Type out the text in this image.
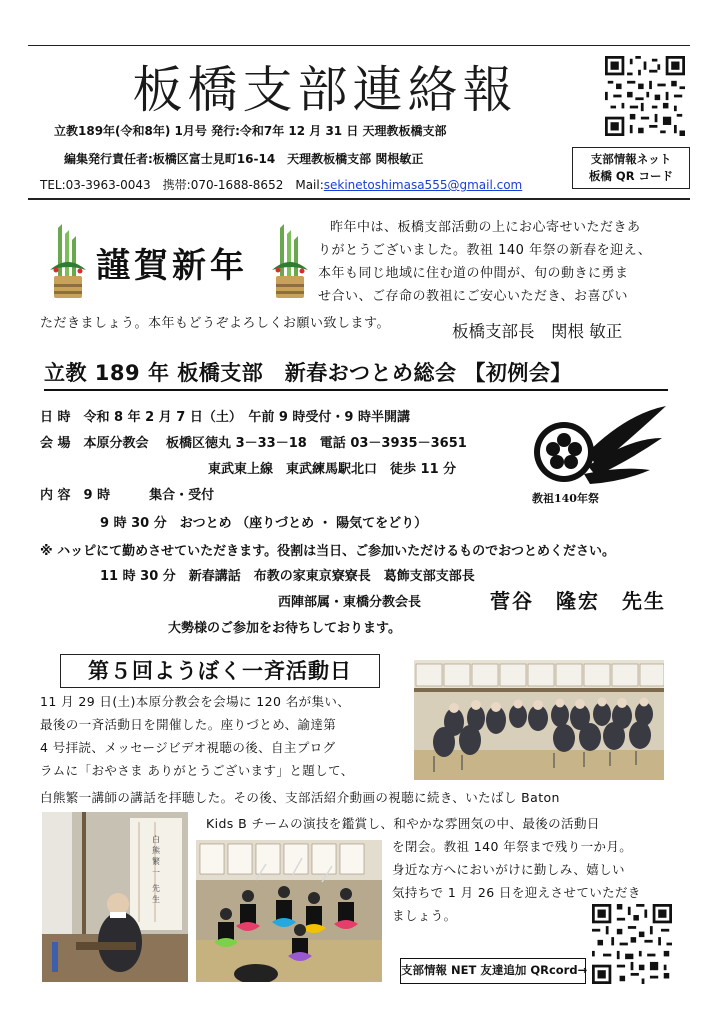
板橋支部連絡報
立教189年(令和8年) 1月号 発行:令和7年 12 月 31 日 天理教板橋支部
編集発行責任者:板橋区富士見町16-14　天理教板橋支部 関根敏正
TEL:03-3963-0043　携帯:070-1688-8652　Mail:sekinetoshimasa555@gmail.com
支部情報ネット
板橋 QR コード
謹賀新年
昨年中は、板橋支部活動の上にお心寄せいただきあ
りがとうございました。教祖 140 年祭の新春を迎え、
本年も同じ地域に住む道の仲間が、旬の動きに勇ま
せ合い、ご存命の教祖にご安心いただき、お喜びい
ただきましょう。本年もどうぞよろしくお願い致します。	板橋支部長　関根 敏正
立教 189 年 板橋支部　新春おつとめ総会 【初例会】
日 時　令和 8 年 2 月 7 日（土）　午前 9 時受付・9 時半開講
会 場　本原分教会　 板橋区徳丸 3－33－18　電話 03－3935－3651
東武東上線　東武練馬駅北口　徒歩 11 分
内 容　9 時　　　集合・受付
9 時 30 分　おつとめ （座りづとめ ・ 陽気てをどり）
※ ハッピにて勤めさせていただきます。役割は当日、ご参加いただけるものでおつとめください。
11 時 30 分　新春講話　布教の家東京寮寮長　葛飾支部支部長
西陣部属・東橋分教会長	菅谷　隆宏　先生
大勢様のご参加をお待ちしております。
教祖140年祭
第５回ようぼく一斉活動日
11 月 29 日(土)本原分教会を会場に 120 名が集い、
最後の一斉活動日を開催した。座りづとめ、諭達第
4 号拝読、メッセージビデオ視聴の後、自主プログ
ラムに「おやさま ありがとうございます」と題して、
白熊繁一講師の講話を拝聴した。その後、支部活紹介動画の視聴に続き、いたばし Baton
Kids B チームの演技を鑑賞し、和やかな雰囲気の中、最後の活動日
を閉会。教祖 140 年祭まで残り一か月。
身近な方へにおいがけに勤しみ、嬉しい
気持ちで 1 月 26 日を迎えさせていただき
ましょう。
白熊繁一先生
支部情報 NET 友達追加 QRcord→
